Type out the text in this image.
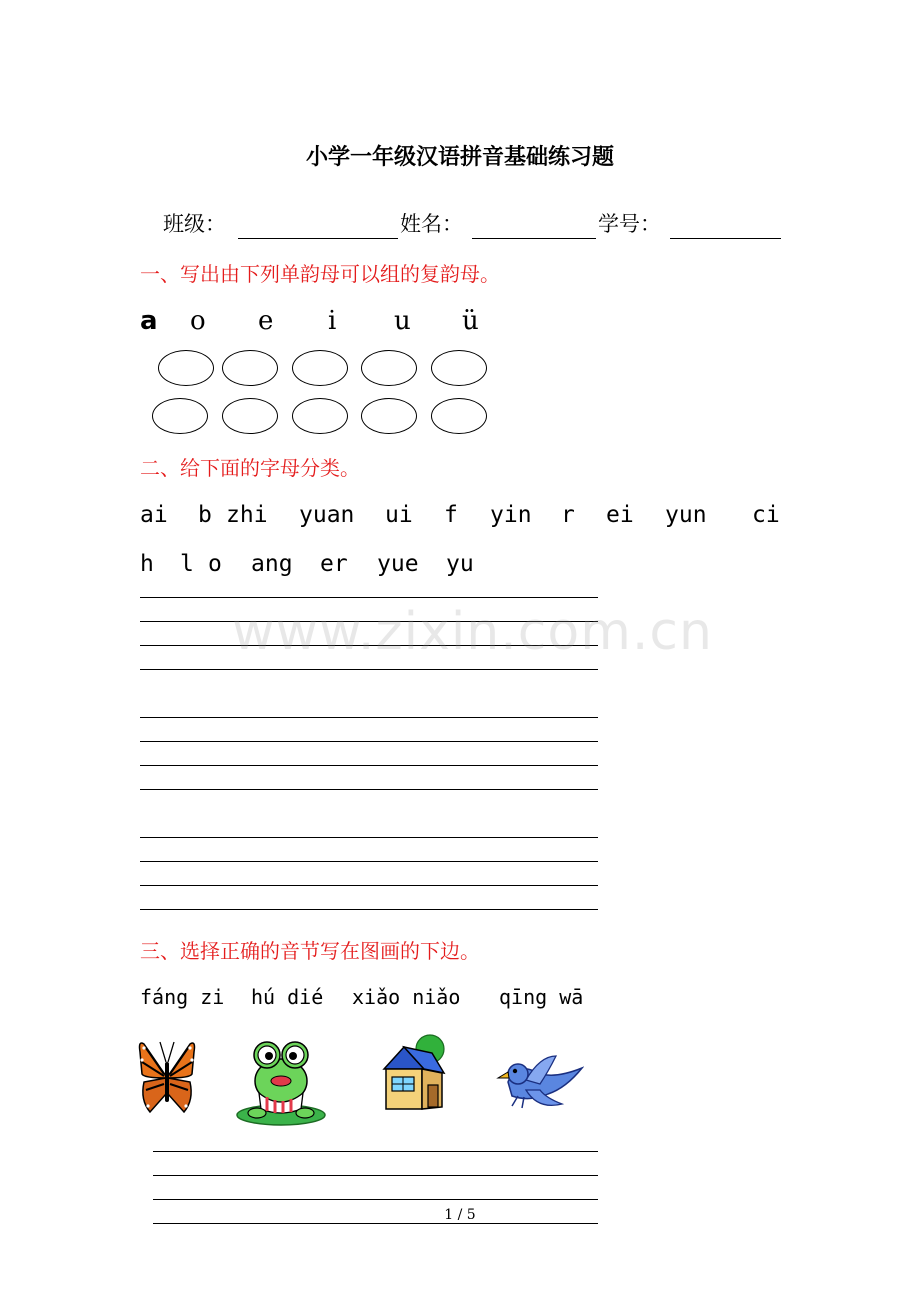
小学一年级汉语拼音基础练习题
班级：	姓名：	学号：
一、写出由下列单韵母可以组的复韵母。
a o e i u ü
二、给下面的字母分类。
ai b zhi yuan ui f yin r ei yun ci
h l o ang er yue yu
www.zixin.com.cn
三、选择正确的音节写在图画的下边。
fáng zi hú dié xiǎo niǎo qīng wā
1 / 5
